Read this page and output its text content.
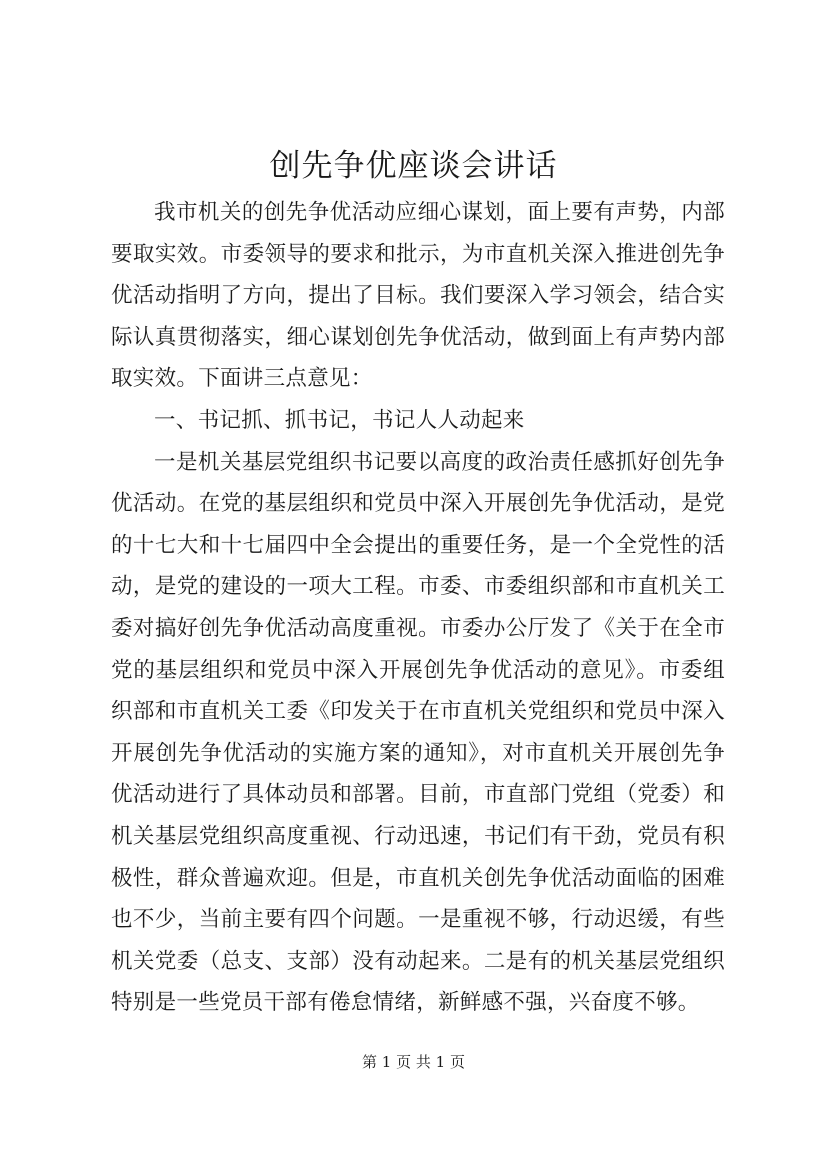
创先争优座谈会讲话

我市机关的创先争优活动应细心谋划，面上要有声势，内部要取实效。市委领导的要求和批示，为市直机关深入推进创先争优活动指明了方向，提出了目标。我们要深入学习领会，结合实际认真贯彻落实，细心谋划创先争优活动，做到面上有声势内部取实效。下面讲三点意见：

一、书记抓、抓书记，书记人人动起来

一是机关基层党组织书记要以高度的政治责任感抓好创先争优活动。在党的基层组织和党员中深入开展创先争优活动，是党的十七大和十七届四中全会提出的重要任务，是一个全党性的活动，是党的建设的一项大工程。市委、市委组织部和市直机关工委对搞好创先争优活动高度重视。市委办公厅发了《关于在全市党的基层组织和党员中深入开展创先争优活动的意见》。市委组织部和市直机关工委《印发关于在市直机关党组织和党员中深入开展创先争优活动的实施方案的通知》，对市直机关开展创先争优活动进行了具体动员和部署。目前，市直部门党组（党委）和机关基层党组织高度重视、行动迅速，书记们有干劲，党员有积极性，群众普遍欢迎。但是，市直机关创先争优活动面临的困难也不少，当前主要有四个问题。一是重视不够，行动迟缓，有些机关党委（总支、支部）没有动起来。二是有的机关基层党组织特别是一些党员干部有倦怠情绪，新鲜感不强，兴奋度不够。

第 1 页 共 1 页
